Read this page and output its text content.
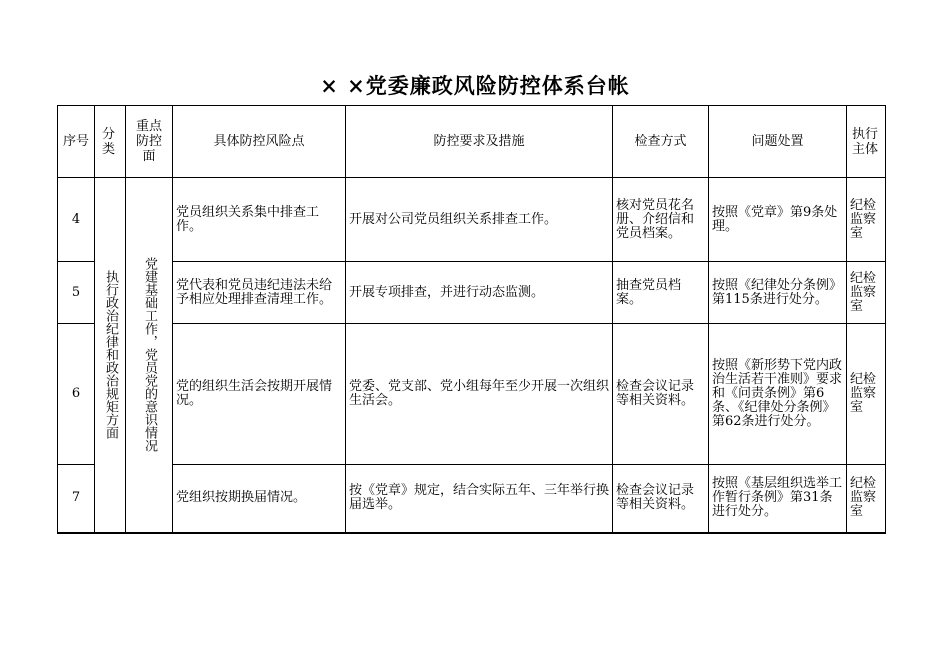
× ×党委廉政风险防控体系台帐
序号	分类	重点防控面	具体防控风险点	防控要求及措施	检查方式	问题处置	执行主体
4	执行政治纪律和政治规矩方面	党建基础工作，党员党的意识情况	党员组织关系集中排查工作。	开展对公司党员组织关系排查工作。	核对党员花名册、介绍信和党员档案。	按照《党章》第9条处理。	纪检监察室
5			党代表和党员违纪违法未给予相应处理排查清理工作。	开展专项排查，并进行动态监测。	抽查党员档案。	按照《纪律处分条例》第115条进行处分。	纪检监察室
6			党的组织生活会按期开展情况。	党委、党支部、党小组每年至少开展一次组织生活会。	检查会议记录等相关资料。	按照《新形势下党内政治生活若干准则》要求和《问责条例》第6条、《纪律处分条例》第62条进行处分。	纪检监察室
7			党组织按期换届情况。	按《党章》规定，结合实际五年、三年举行换届选举。	检查会议记录等相关资料。	按照《基层组织选举工作暂行条例》第31条进行处分。	纪检监察室
